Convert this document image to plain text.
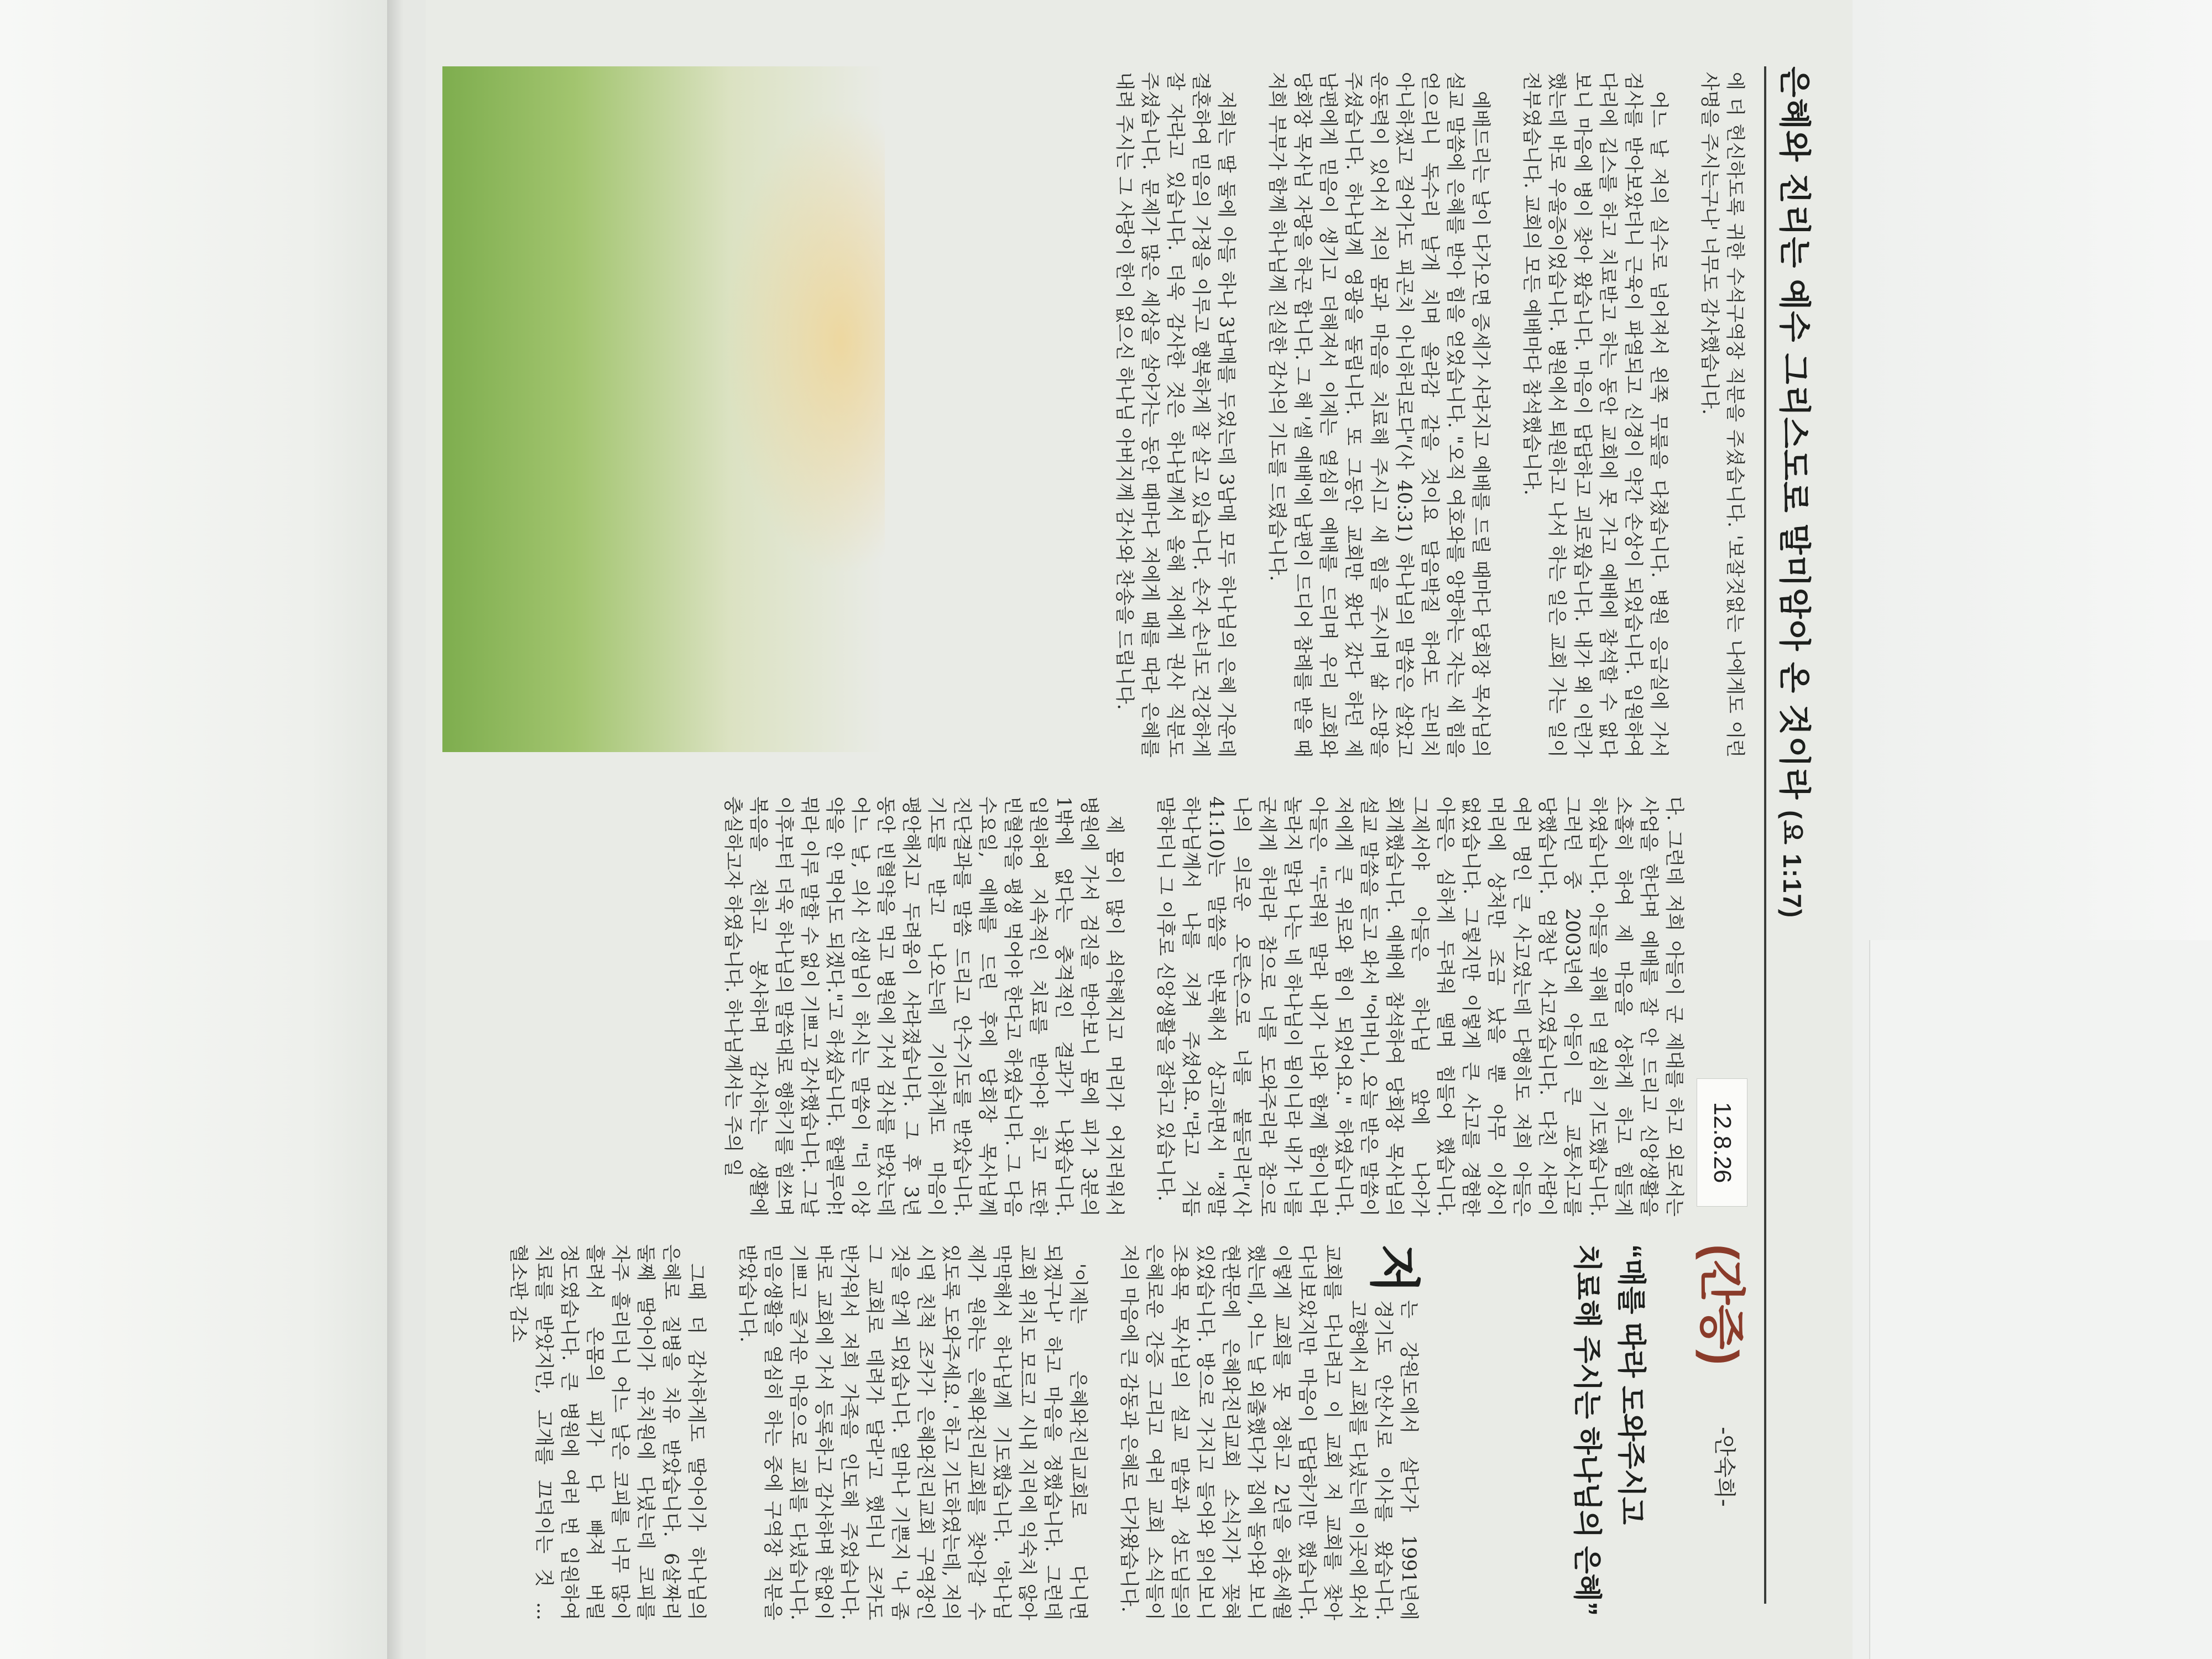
은혜와 진리는 예수 그리스도로 말미암아 온 것이라(요 1:17)
12.8.26
(간증)
-안숙희-
“매를 따라 도와주시고
치료해 주시는 하나님의 은혜”

저
는 강원도에서 살다가 1991년에 경기도 안산시로 이사를 왔습니다. 고향에서 교회를 다녔는데 이곳에 와서 교회를 다니려고 이 교회 저 교회를 찾아 다녀보았지만 마음이 답답하기만 했습니다. 이렇게 교회를 못 정하고 2년을 허송세월 했는데, 어느 날 외출했다가 집에 돌아와 보니 현관문에 은혜와진리교회 소식지가 꽂혀 있었습니다. 방으로 가지고 들어와 읽어보니 조용목 목사님의 설교 말씀과 성도님들의 은혜로운 간증 그리고 여러 교회 소식들이 저의 마음에 큰 감동과 은혜로 다가왔습니다.

'이제는 은혜와진리교회로 다니면 되겠구나' 하고 마음을 정했습니다. 그런데 교회 위치도 모르고 시내 지리에 익숙치 않아 막막해서 하나님께 기도했습니다. '하나님 제가 원하는 은혜와진리교회를 찾아갈 수 있도록 도와주세요.' 하고 기도하였는데, 저의 시댁 친척 조카가 은혜와진리교회 구역장인 것을 알게 되었습니다. 얼마나 기쁜지 '나 좀 그 교회로 데려가 달라'고 했더니 조카도 반가워서 저희 가족을 인도해 주었습니다. 바로 교회에 가서 등록하고 감사하며 한없이 기쁘고 즐거운 마음으로 교회를 다녔습니다. 믿음생활을 열심히 하는 중에 구역장 직분을 받았습니다.

그때 더 감사하게도 딸아이가 하나님의 은혜로 질병을 치유 받았습니다. 6살짜리 둘째 딸아이가 유치원에 다녔는데 코피를 자주 흘리더니 어느 날은 코피를 너무 많이 흘려서 온몸의 피가 다 빠져 버릴 정도였습니다. 큰 병원에 여러 번 입원하여 치료를 받았지만, 고개를 끄덕이는 것 ... 혈소판 감소

다. 그런데 저희 아들이 군 제대를 하고 외로서는 사업을 한다며 예배를 잘 안 드리고 신앙생활을 소홀히 하여 제 마음을 상하게 하고 힘들게 하였습니다. 아들을 위해 더 열심히 기도했습니다. 그러던 중 2003년에 아들이 큰 교통사고를 당했습니다. 엄청난 사고였습니다. 다친 사람이 여러 명인 큰 사고였는데 다행히도 저희 아들은 머리에 상처만 조금 났을 뿐 아무 이상이 없었습니다. 그렇지만 이렇게 큰 사고를 경험한 아들은 심하게 두려워 떨며 힘들어 했습니다. 그제서야 아들은 하나님 앞에 나아가 회개했습니다. 예배에 참석하여 당회장 목사님의 설교 말씀을 듣고 와서 "어머니, 오늘 받은 말씀이 저에게 큰 위로와 힘이 되었어요." 하였습니다. 아들은 "두려워 말라 내가 너와 함께 함이니라 놀라지 말라 나는 네 하나님이 됨이니라 내가 너를 굳세게 하리라 참으로 너를 도와주리라 참으로 나의 의로운 오른손으로 너를 붙들리라"(사 41:10)는 말씀을 반복해서 상고하면서 "정말 하나님께서 나를 지켜 주셨어요."라고 거듭 말하더니 그 이후로 신앙생활을 잘하고 있습니다.

제 몸이 많이 쇠약해지고 머리가 어지러워서 병원에 가서 검진을 받아보니 몸에 피가 3분의 1밖에 없다는 충격적인 결과가 나왔습니다. 입원하여 지속적인 치료를 받아야 하고 또한 빈혈약을 평생 먹어야 한다고 하였습니다. 그 다음 수요일, 예배를 드린 후에 당회장 목사님께 진단결과를 말씀 드리고 안수기도를 받았습니다. 기도를 받고 나오는데 기이하게도 마음이 평안해지고 두려움이 사라졌습니다. 그 후 3년 동안 빈혈약을 먹고 병원에 가서 검사를 받았는데 어느 날, 의사 선생님이 하시는 말씀이 "더 이상 약을 안 먹어도 되겠다."고 하셨습니다. 할렐루야! 뭐라 이루 말할 수 없이 기쁘고 감사했습니다. 그날 이후부터 더욱 하나님의 말씀대로 행하기를 힘쓰며 복음을 전하고 봉사하며 감사하는 생활에 충실하고자 하였습니다. 하나님께서는 주의 일

에 더 헌신하도록 귀한 수석구역장 직분을 주셨습니다. '보잘것없는 나에게도 이런 사명을 주시는구나' 너무도 감사했습니다.

어느 날 저의 실수로 넘어져서 왼쪽 무릎을 다쳤습니다. 병원 응급실에 가서 검사를 받아보았더니 근육이 파열되고 신경이 약간 손상이 되었습니다. 입원하여 다리에 깁스를 하고 치료받고 하는 동안 교회에 못 가고 예배에 참석할 수 없다 보니 마음에 병이 찾아 왔습니다. 마음이 답답하고 괴로웠습니다. 내가 왜 이런가 했는데 바로 우울증이었습니다. 병원에서 퇴원하고 나서 하는 일은 교회 가는 일이 전부였습니다. 교회의 모든 예배마다 참석했습니다.

예배드리는 날이 다가오면 증세가 사라지고 예배를 드릴 때마다 당회장 목사님의 설교 말씀에 은혜를 받아 힘을 얻었습니다. "오직 여호와를 앙망하는 자는 새 힘을 얻으리니 독수리 날개 치며 올라감 같을 것이요 달음박질 하여도 곤비치 아니하겠고 걸어가도 피곤치 아니하리로다"(사 40:31) 하나님의 말씀은 살았고 운동력이 있어서 저의 몸과 마음을 치료해 주시고 새 힘을 주시며 삶 소망을 주셨습니다. 하나님께 영광을 돌립니다. 또 그동안 교회만 왔다 갔다 하던 제 남편에게 믿음이 생기고 더해져서 이제는 열심히 예배를 드리며 우리 교회와 당회장 목사님 자랑을 하곤 합니다. 그 해 '셀 예배'에 남편이 드디어 참례를 받을 때 저희 부부가 함께 하나님께 진실한 감사의 기도를 드렸습니다.

저희는 딸 둘에 아들 하나 3남매를 두었는데 3남매 모두 하나님의 은혜 가운데 결혼하여 믿음의 가정을 이루고 행복하게 잘 살고 있습니다. 손자 손녀도 건강하게 잘 자라고 있습니다. 더욱 감사한 것은 하나님께서 올해 저에게 권사 직분도 주셨습니다. 문제가 많은 세상을 살아가는 동안 때마다 저에게 때를 따라 은혜를 내려 주시는 그 사랑이 한이 없으신 하나님 아버지께 감사와 찬송을 드립니다.
